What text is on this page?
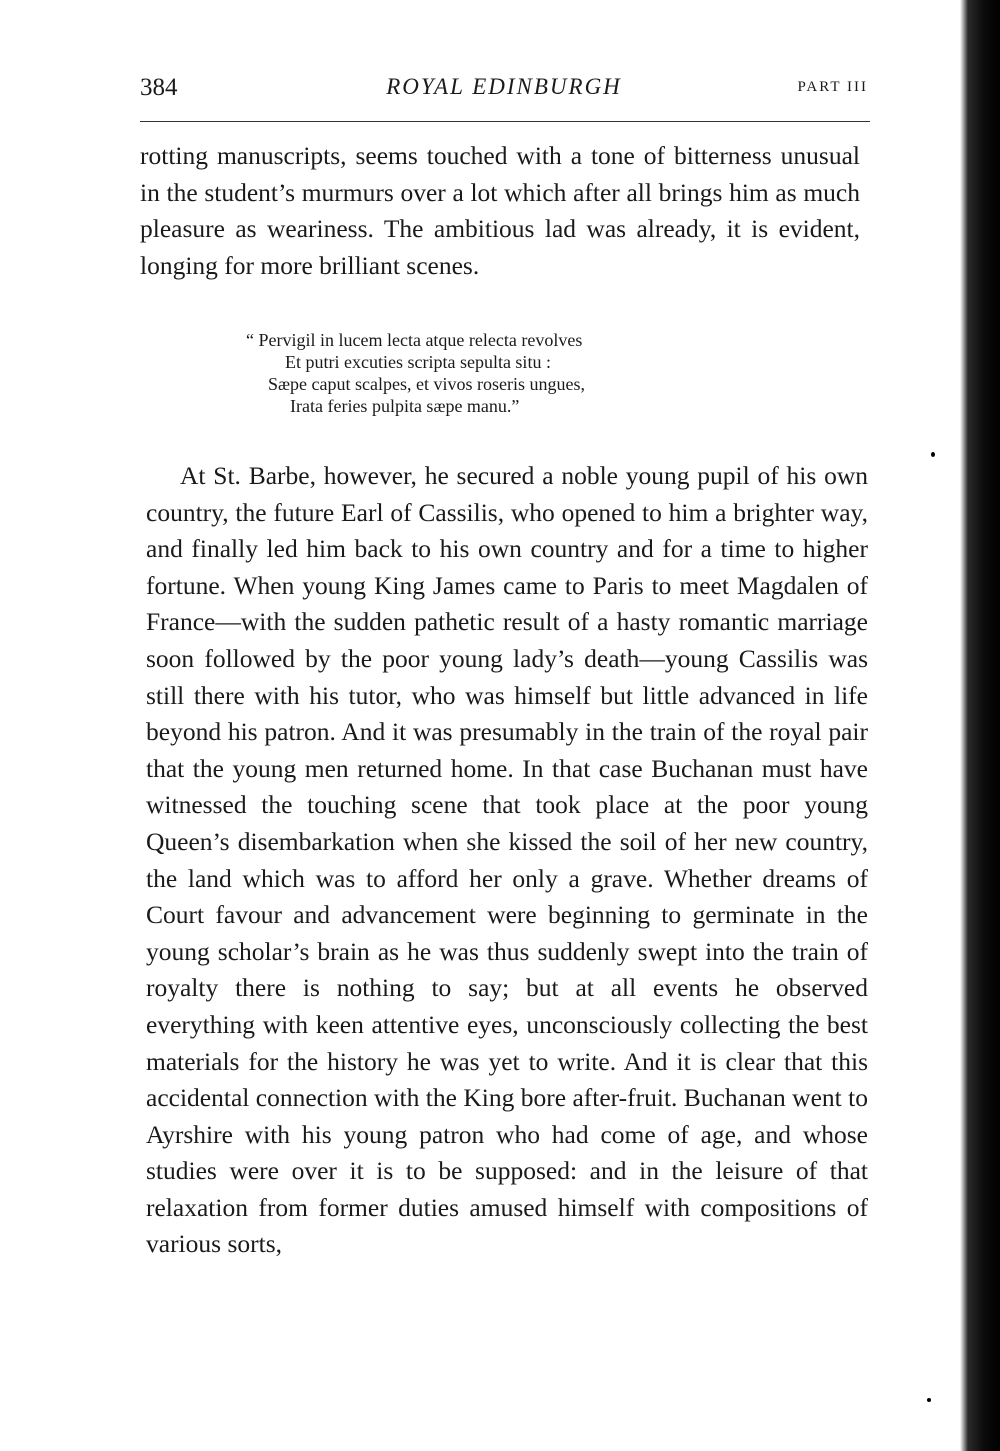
384	ROYAL EDINBURGH	PART III

rotting manuscripts, seems touched with a tone of bitterness unusual in the student’s murmurs over a lot which after all brings him as much pleasure as weariness. The ambitious lad was already, it is evident, longing for more brilliant scenes.

“ Pervigil in lucem lecta atque relecta revolves
Et putri excuties scripta sepulta situ :
Sæpe caput scalpes, et vivos roseris ungues,
Irata feries pulpita sæpe manu.”

At St. Barbe, however, he secured a noble young pupil of his own country, the future Earl of Cassilis, who opened to him a brighter way, and finally led him back to his own country and for a time to higher fortune. When young King James came to Paris to meet Magdalen of France—with the sudden pathetic result of a hasty romantic marriage soon followed by the poor young lady’s death—young Cassilis was still there with his tutor, who was himself but little advanced in life beyond his patron. And it was presumably in the train of the royal pair that the young men returned home. In that case Buchanan must have witnessed the touching scene that took place at the poor young Queen’s disembarkation when she kissed the soil of her new country, the land which was to afford her only a grave. Whether dreams of Court favour and advancement were beginning to germinate in the young scholar’s brain as he was thus suddenly swept into the train of royalty there is nothing to say; but at all events he observed everything with keen attentive eyes, unconsciously collecting the best materials for the history he was yet to write. And it is clear that this accidental connection with the King bore after-fruit. Buchanan went to Ayrshire with his young patron who had come of age, and whose studies were over it is to be supposed: and in the leisure of that relaxation from former duties amused himself with compositions of various sorts,
